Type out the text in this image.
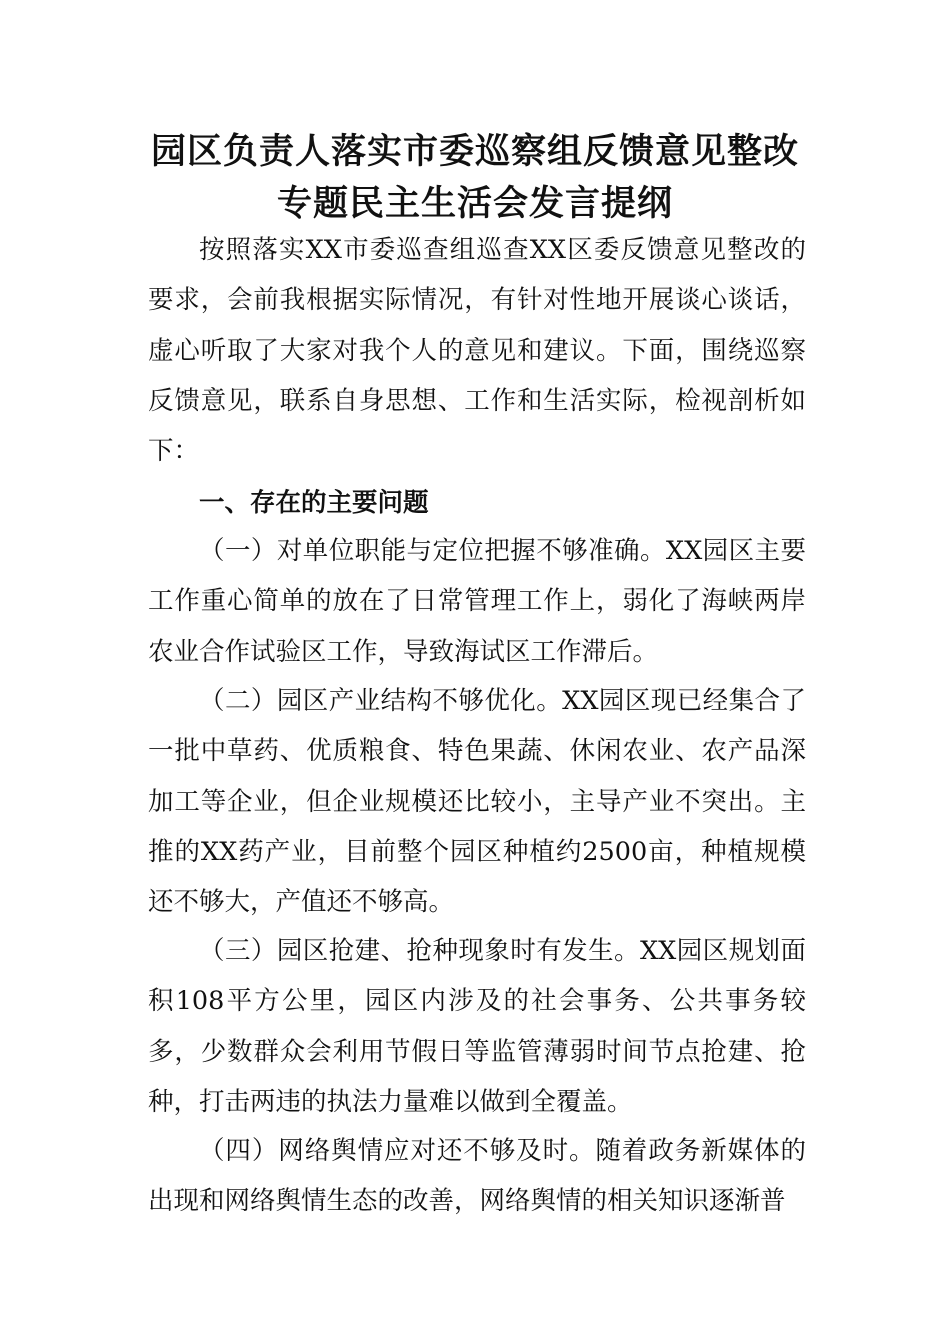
园区负责人落实市委巡察组反馈意见整改
专题民主生活会发言提纲

按照落实XX市委巡查组巡查XX区委反馈意见整改的要求，会前我根据实际情况，有针对性地开展谈心谈话，虚心听取了大家对我个人的意见和建议。下面，围绕巡察反馈意见，联系自身思想、工作和生活实际，检视剖析如下：

一、存在的主要问题

（一）对单位职能与定位把握不够准确。XX园区主要工作重心简单的放在了日常管理工作上，弱化了海峡两岸农业合作试验区工作，导致海试区工作滞后。

（二）园区产业结构不够优化。XX园区现已经集合了一批中草药、优质粮食、特色果蔬、休闲农业、农产品深加工等企业，但企业规模还比较小，主导产业不突出。主推的XX药产业，目前整个园区种植约2500亩，种植规模还不够大，产值还不够高。

（三）园区抢建、抢种现象时有发生。XX园区规划面积108平方公里，园区内涉及的社会事务、公共事务较多，少数群众会利用节假日等监管薄弱时间节点抢建、抢种，打击两违的执法力量难以做到全覆盖。

（四）网络舆情应对还不够及时。随着政务新媒体的出现和网络舆情生态的改善，网络舆情的相关知识逐渐普
